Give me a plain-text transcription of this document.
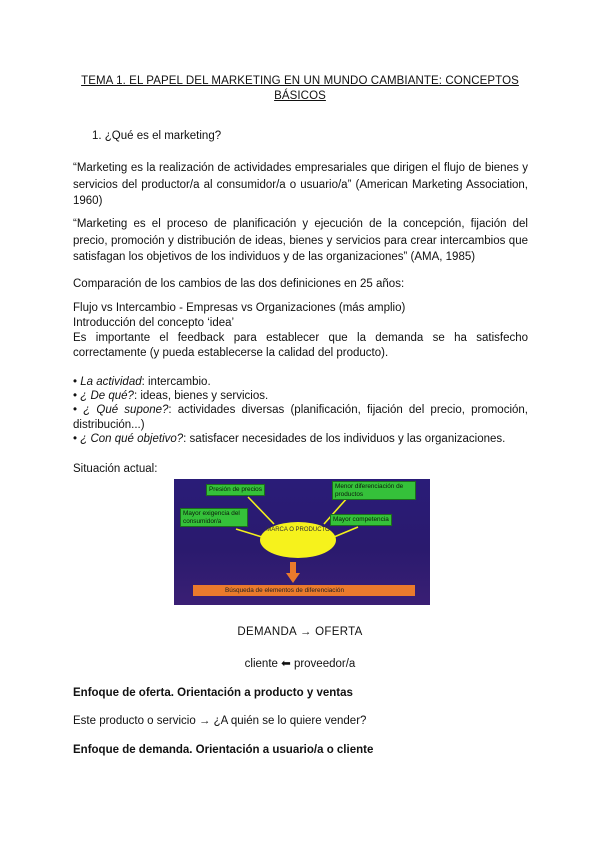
TEMA 1. EL PAPEL DEL MARKETING EN UN MUNDO CAMBIANTE: CONCEPTOS
BÁSICOS
1. ¿Qué es el marketing?
“Marketing es la realización de actividades empresariales que dirigen el flujo de bienes y servicios del productor/a al consumidor/a o usuario/a” (American Marketing Association, 1960)
“Marketing es el proceso de planificación y ejecución de la concepción, fijación del precio, promoción y distribución de ideas, bienes y servicios para crear intercambios que satisfagan los objetivos de los individuos y de las organizaciones” (AMA, 1985)
Comparación de los cambios de las dos definiciones en 25 años:
Flujo vs Intercambio - Empresas vs Organizaciones (más amplio)
Introducción del concepto ‘idea’
Es importante el feedback para establecer que la demanda se ha satisfecho correctamente (y pueda establecerse la calidad del producto).
• La actividad: intercambio.
• ¿ De qué?: ideas, bienes y servicios.
• ¿ Qué supone?: actividades diversas (planificación, fijación del precio, promoción, distribución...)
• ¿ Con qué objetivo?: satisfacer necesidades de los individuos y las organizaciones.
Situación actual:
Presión de precios	Menor diferenciación de productos
Mayor exigencia del consumidor/a	Mayor competencia
MARCA O PRODUCTO
Búsqueda de elementos de diferenciación
DEMANDA → OFERTA
cliente ⬅ proveedor/a
Enfoque de oferta. Orientación a producto y ventas
Este producto o servicio → ¿A quién se lo quiere vender?
Enfoque de demanda. Orientación a usuario/a o cliente
